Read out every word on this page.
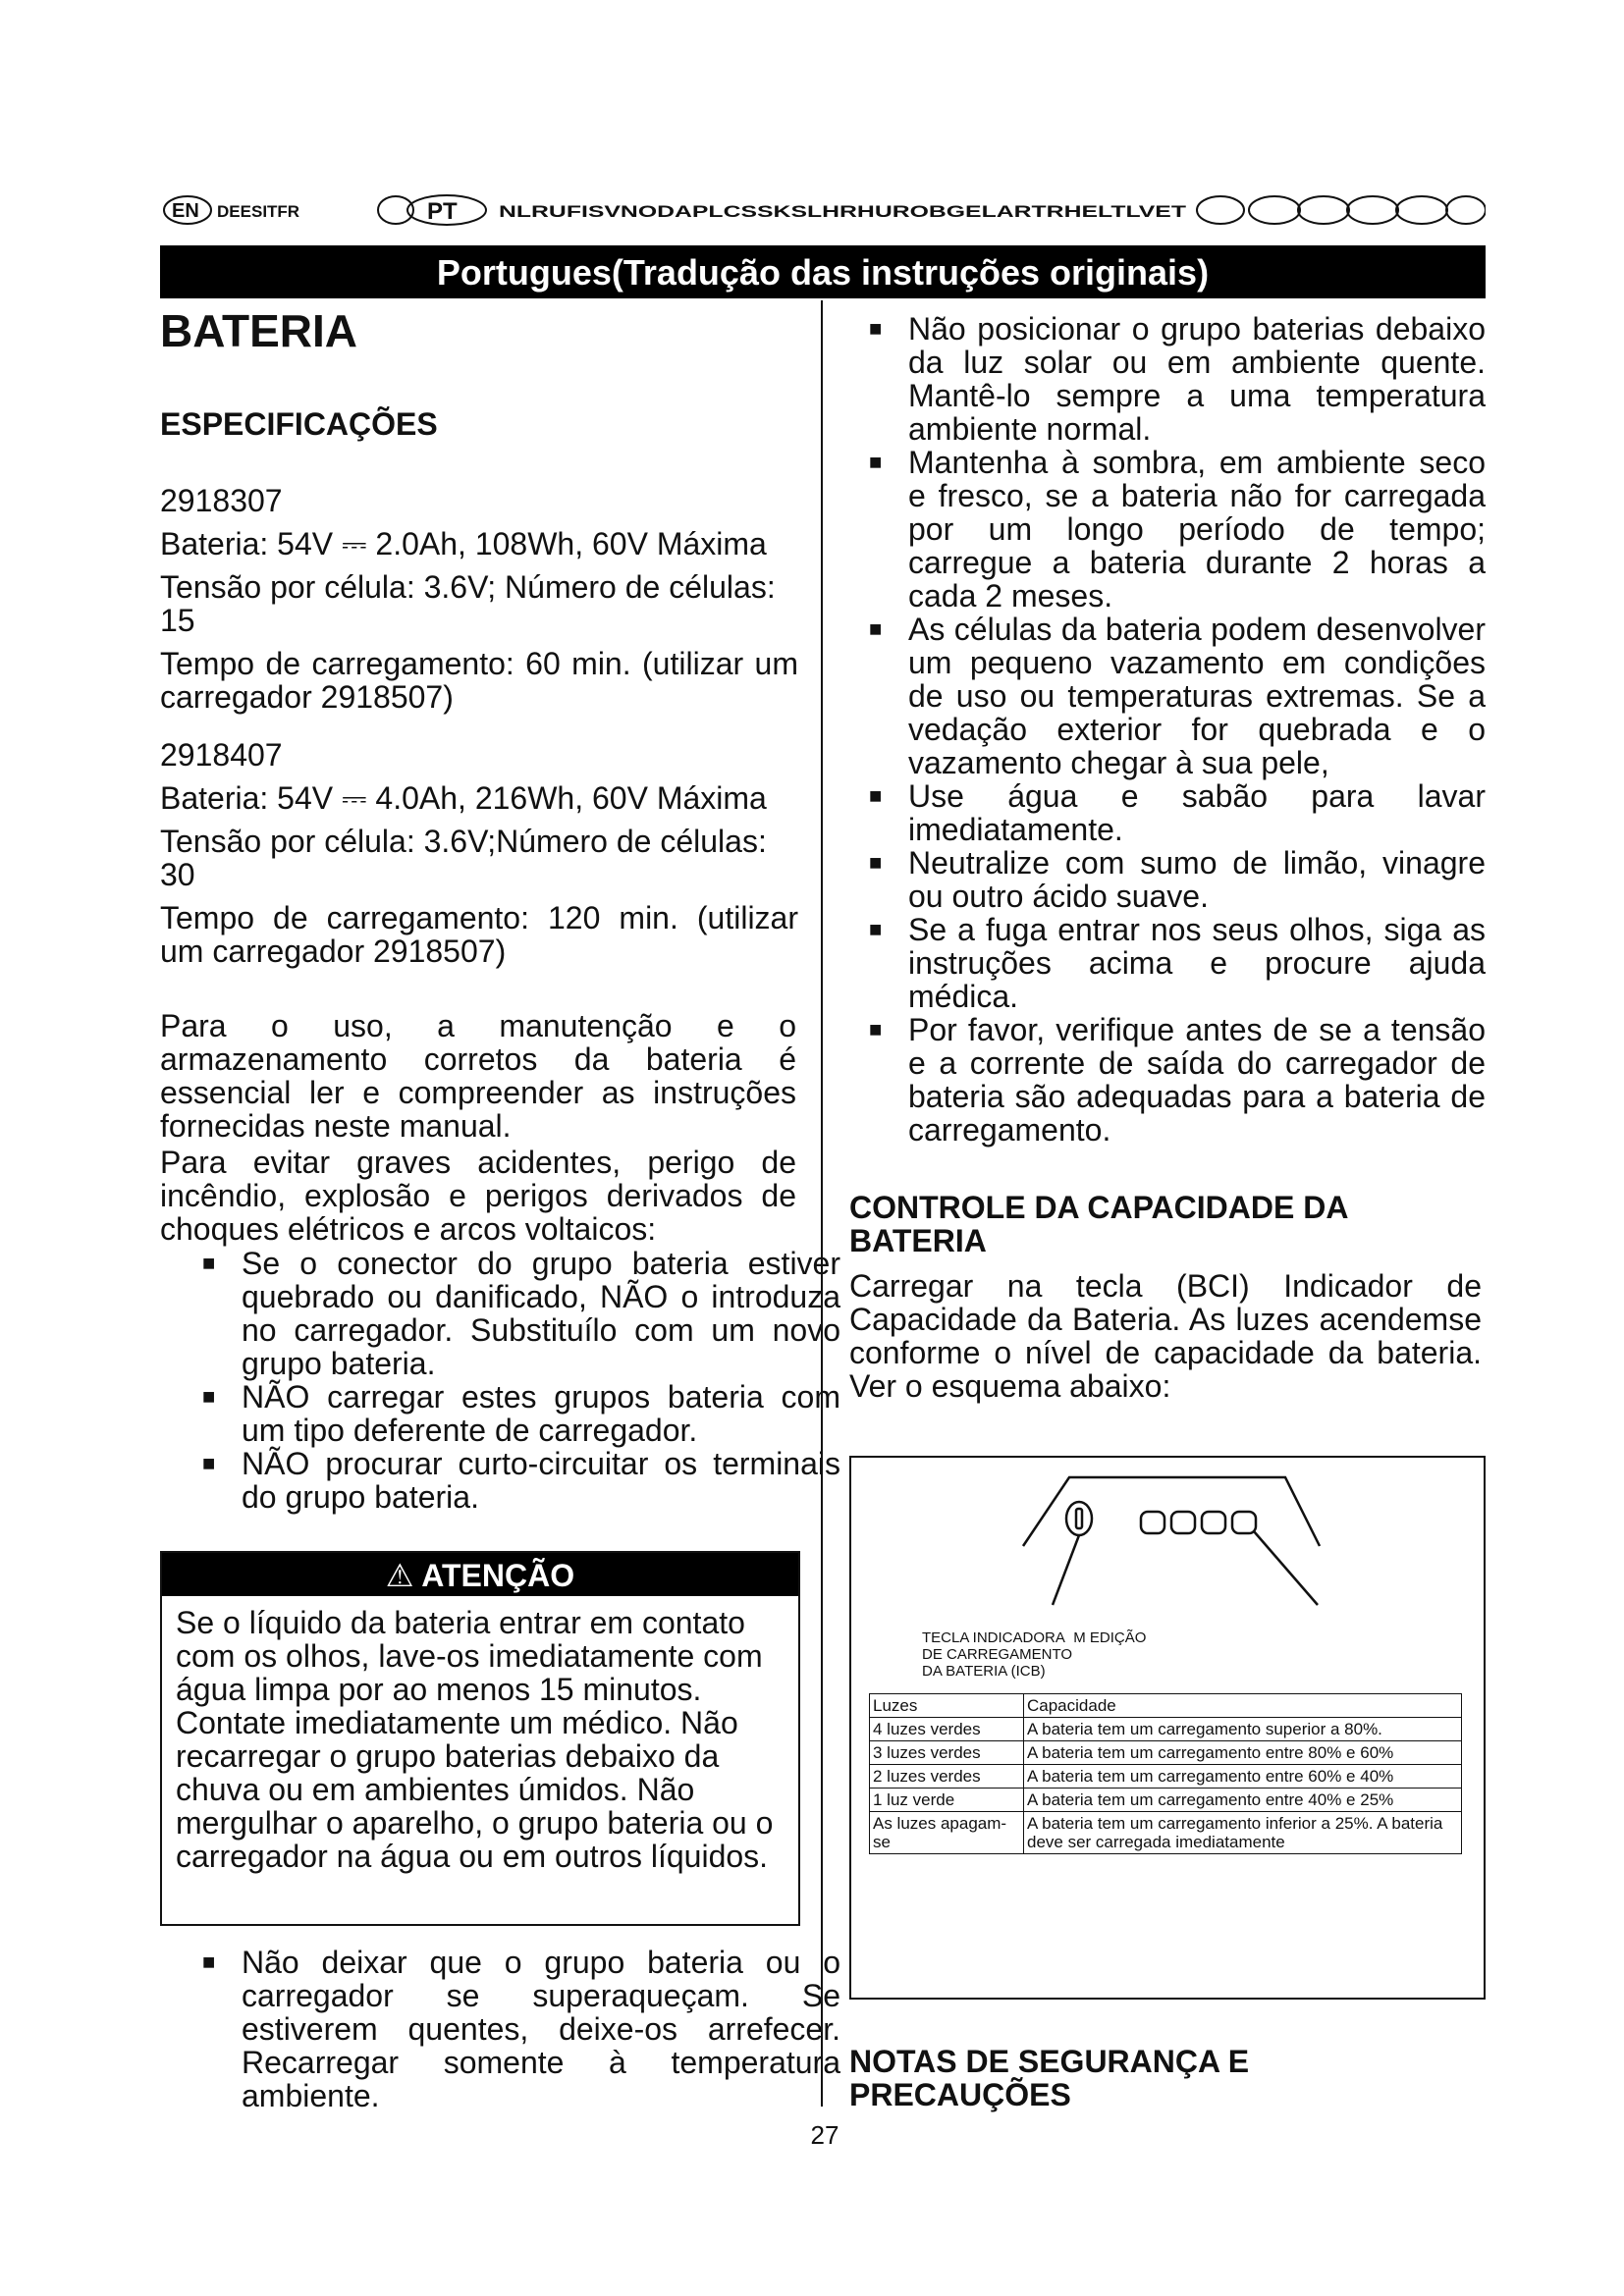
EN DEESITFR	PT NL RU FI SV NO DA PL CS SK SL HR HU RO BG EL AR TR HE LT LV ET
Portugues(Tradução das instruções originais)
BATERIA
ESPECIFICAÇÕES

2918307

Bateria: 54V ⎓ 2.0Ah, 108Wh, 60V Máxima

Tensão por célula: 3.6V; Número de células: 15

Tempo de carregamento: 60 min. (utilizar um carregador 2918507)

2918407

Bateria: 54V ⎓ 4.0Ah, 216Wh, 60V Máxima

Tensão por célula: 3.6V;Número de células: 30

Tempo de carregamento: 120 min. (utilizar um carregador 2918507)

Para o uso, a manutenção e o armazenamento corretos da bateria é essencial ler e compreender as instruções fornecidas neste manual.
Para evitar graves acidentes, perigo de incêndio, explosão e perigos derivados de choques elétricos e arcos voltaicos:

■ Se o conector do grupo bateria estiver quebrado ou danificado, NÃO o introduza no carregador. Substituílo com um novo grupo bateria.

■ NÃO carregar estes grupos bateria com um tipo deferente de carregador.

■ NÃO procurar curto-circuitar os terminais do grupo bateria.

⚠ ATENÇÃO
Se o líquido da bateria entrar em contato com os olhos, lave-os imediatamente com água limpa por ao menos 15 minutos. Contate imediatamente um médico. Não recarregar o grupo baterias debaixo da chuva ou em ambientes úmidos. Não mergulhar o aparelho, o grupo bateria ou o carregador na água ou em outros líquidos.

■ Não deixar que o grupo bateria ou o carregador se superaqueçam. Se estiverem quentes, deixe-os arrefecer. Recarregar somente à temperatura ambiente.

■ Não posicionar o grupo baterias debaixo da luz solar ou em ambiente quente. Mantê-lo sempre a uma temperatura ambiente normal.

■ Mantenha à sombra, em ambiente seco e fresco, se a bateria não for carregada por um longo período de tempo; carregue a bateria durante 2 horas a cada 2 meses.

■ As células da bateria podem desenvolver um pequeno vazamento em condições de uso ou temperaturas extremas. Se a vedação exterior for quebrada e o vazamento chegar à sua pele,

■ Use água e sabão para lavar imediatamente.

■ Neutralize com sumo de limão, vinagre ou outro ácido suave.

■ Se a fuga entrar nos seus olhos, siga as instruções acima e procure ajuda médica.

■ Por favor, verifique antes de se a tensão e a corrente de saída do carregador de bateria são adequadas para a bateria de carregamento.

CONTROLE DA CAPACIDADE DA BATERIA
Carregar na tecla (BCI) Indicador de Capacidade da Bateria. As luzes acendemse conforme o nível de capacidade da bateria. Ver o esquema abaixo:
TECLA INDICADORA M EDIÇÃO
DE CARREGAMENTO
DA BATERIA (ICB)
Luzes	Capacidade
4 luzes verdes	A bateria tem um carregamento superior a 80%.
3 luzes verdes	A bateria tem um carregamento entre 80% e 60%
2 luzes verdes	A bateria tem um carregamento entre 60% e 40%
1 luz verde	A bateria tem um carregamento entre 40% e 25%
As luzes apagam-se	A bateria tem um carregamento inferior a 25%. A bateria deve ser carregada imediatamente
NOTAS DE SEGURANÇA E PRECAUÇÕES
27
